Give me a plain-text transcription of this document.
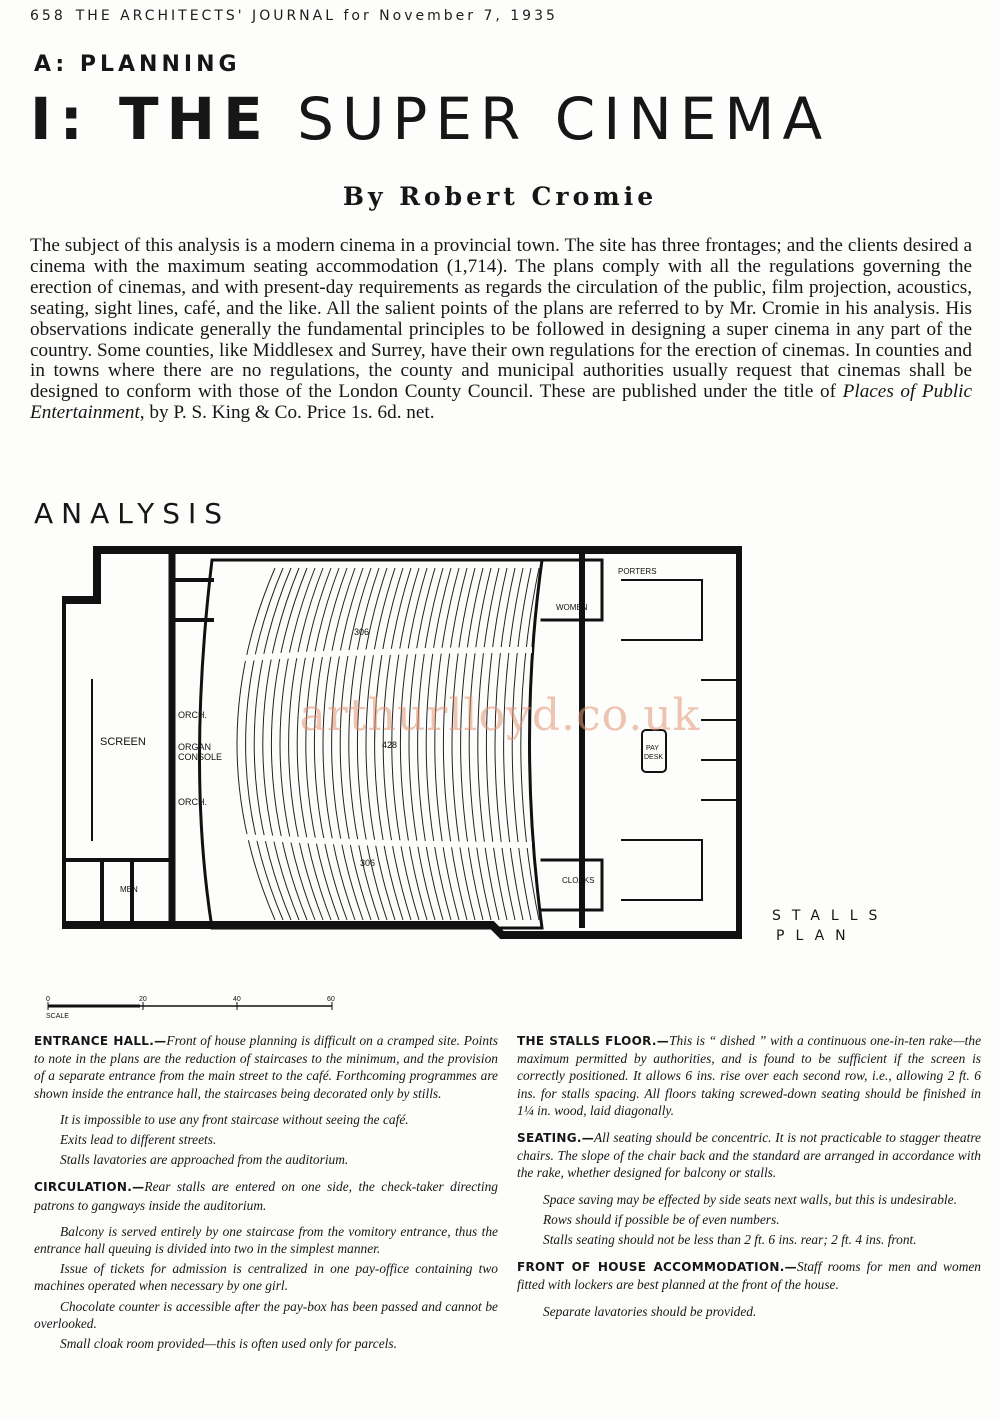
658 THE ARCHITECTS' JOURNAL for November 7, 1935
A: PLANNING
I: THE SUPER CINEMA
By Robert Cromie
The subject of this analysis is a modern cinema in a provincial town. The site has three frontages; and the clients desired a cinema with the maximum seating accommodation (1,714). The plans comply with all the regulations governing the erection of cinemas, and with present-day requirements as regards the circulation of the public, film projection, acoustics, seating, sight lines, café, and the like. All the salient points of the plans are referred to by Mr. Cromie in his analysis. His observations indicate generally the fundamental principles to be followed in designing a super cinema in any part of the country. Some counties, like Middlesex and Surrey, have their own regulations for the erection of cinemas. In counties and in towns where there are no regulations, the county and municipal authorities usually request that cinemas shall be designed to conform with those of the London County Council. These are published under the title of Places of Public Entertainment, by P. S. King & Co. Price 1s. 6d. net.
ANALYSIS
SCREEN
ORCH.
ORGAN
CONSOLE
ORCH.
306
428
306
WOMEN
PORTERS
MEN
CLOAKS
PAY
DESK
STALLS
PLAN
0	20	40	60
SCALE
arthurlloyd.co.uk

ENTRANCE HALL.—Front of house planning is difficult on a cramped site. Points to note in the plans are the reduction of staircases to the minimum, and the provision of a separate entrance from the main street to the café. Forthcoming programmes are shown inside the entrance hall, the staircases being decorated only by stills.

It is impossible to use any front staircase without seeing the café.

Exits lead to different streets.

Stalls lavatories are approached from the auditorium.

CIRCULATION.—Rear stalls are entered on one side, the check-taker directing patrons to gangways inside the auditorium.

Balcony is served entirely by one staircase from the vomitory entrance, thus the entrance hall queuing is divided into two in the simplest manner.

Issue of tickets for admission is centralized in one pay-office containing two machines operated when necessary by one girl.

Chocolate counter is accessible after the pay-box has been passed and cannot be overlooked.

Small cloak room provided—this is often used only for parcels.

THE STALLS FLOOR.—This is “ dished ” with a continuous one-in-ten rake—the maximum permitted by authorities, and is found to be sufficient if the screen is correctly positioned. It allows 6 ins. rise over each second row, i.e., allowing 2 ft. 6 ins. for stalls spacing. All floors taking screwed-down seating should be finished in 1¼ in. wood, laid diagonally.

SEATING.—All seating should be concentric. It is not practicable to stagger theatre chairs. The slope of the chair back and the standard are arranged in accordance with the rake, whether designed for balcony or stalls.

Space saving may be effected by side seats next walls, but this is undesirable.

Rows should if possible be of even numbers.

Stalls seating should not be less than 2 ft. 6 ins. rear; 2 ft. 4 ins. front.

FRONT OF HOUSE ACCOMMODATION.—Staff rooms for men and women fitted with lockers are best planned at the front of the house.

Separate lavatories should be provided.
